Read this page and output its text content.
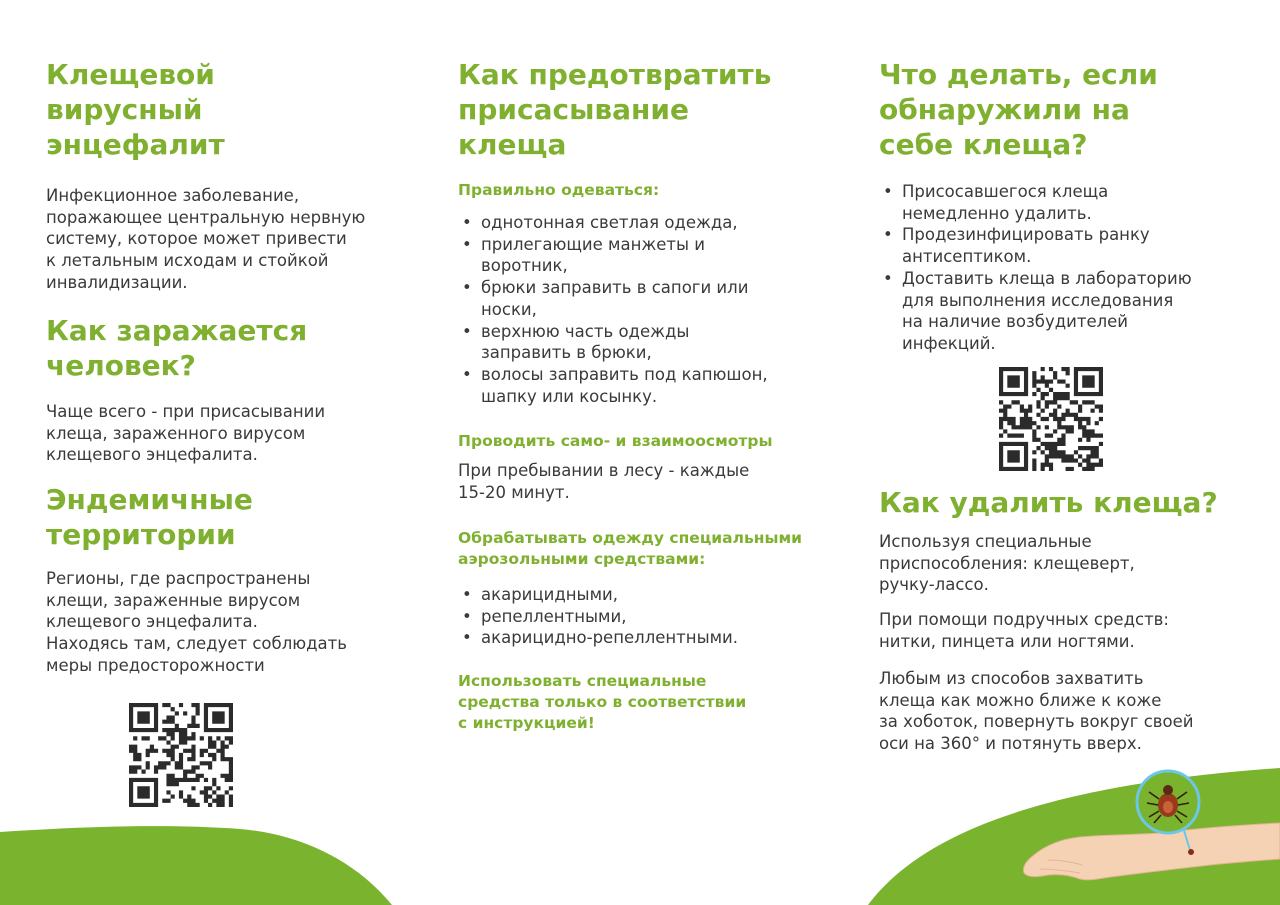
Клещевой
вирусный
энцефалит
Инфекционное заболевание,
поражающее центральную нервную
систему, которое может привести
к летальным исходам и стойкой
инвалидизации.
Как заражается
человек?
Чаще всего - при присасывании
клеща, зараженного вирусом
клещевого энцефалита.
Эндемичные
территории
Регионы, где распространены
клещи, зараженные вирусом
клещевого энцефалита.
Находясь там, следует соблюдать
меры предосторожности
Как предотвратить
присасывание
клеща
Правильно одеваться:
• однотонная светлая одежда,
• прилегающие манжеты и
воротник,
• брюки заправить в сапоги или
носки,
• верхнюю часть одежды
заправить в брюки,
• волосы заправить под капюшон,
шапку или косынку.
Проводить само- и взаимоосмотры
При пребывании в лесу - каждые
15-20 минут.
Обрабатывать одежду специальными
аэрозольными средствами:
• акарицидными,
• репеллентными,
• акарицидно-репеллентными.
Использовать специальные
средства только в соответствии
с инструкцией!
Что делать, если
обнаружили на
себе клеща?
• Присосавшегося клеща
немедленно удалить.
• Продезинфицировать ранку
антисептиком.
• Доставить клеща в лабораторию
для выполнения исследования
на наличие возбудителей
инфекций.
Как удалить клеща?
Используя специальные
приспособления: клещеверт,
ручку-лассо.
При помощи подручных средств:
нитки, пинцета или ногтями.
Любым из способов захватить
клеща как можно ближе к коже
за хоботок, повернуть вокруг своей
оси на 360° и потянуть вверх.
